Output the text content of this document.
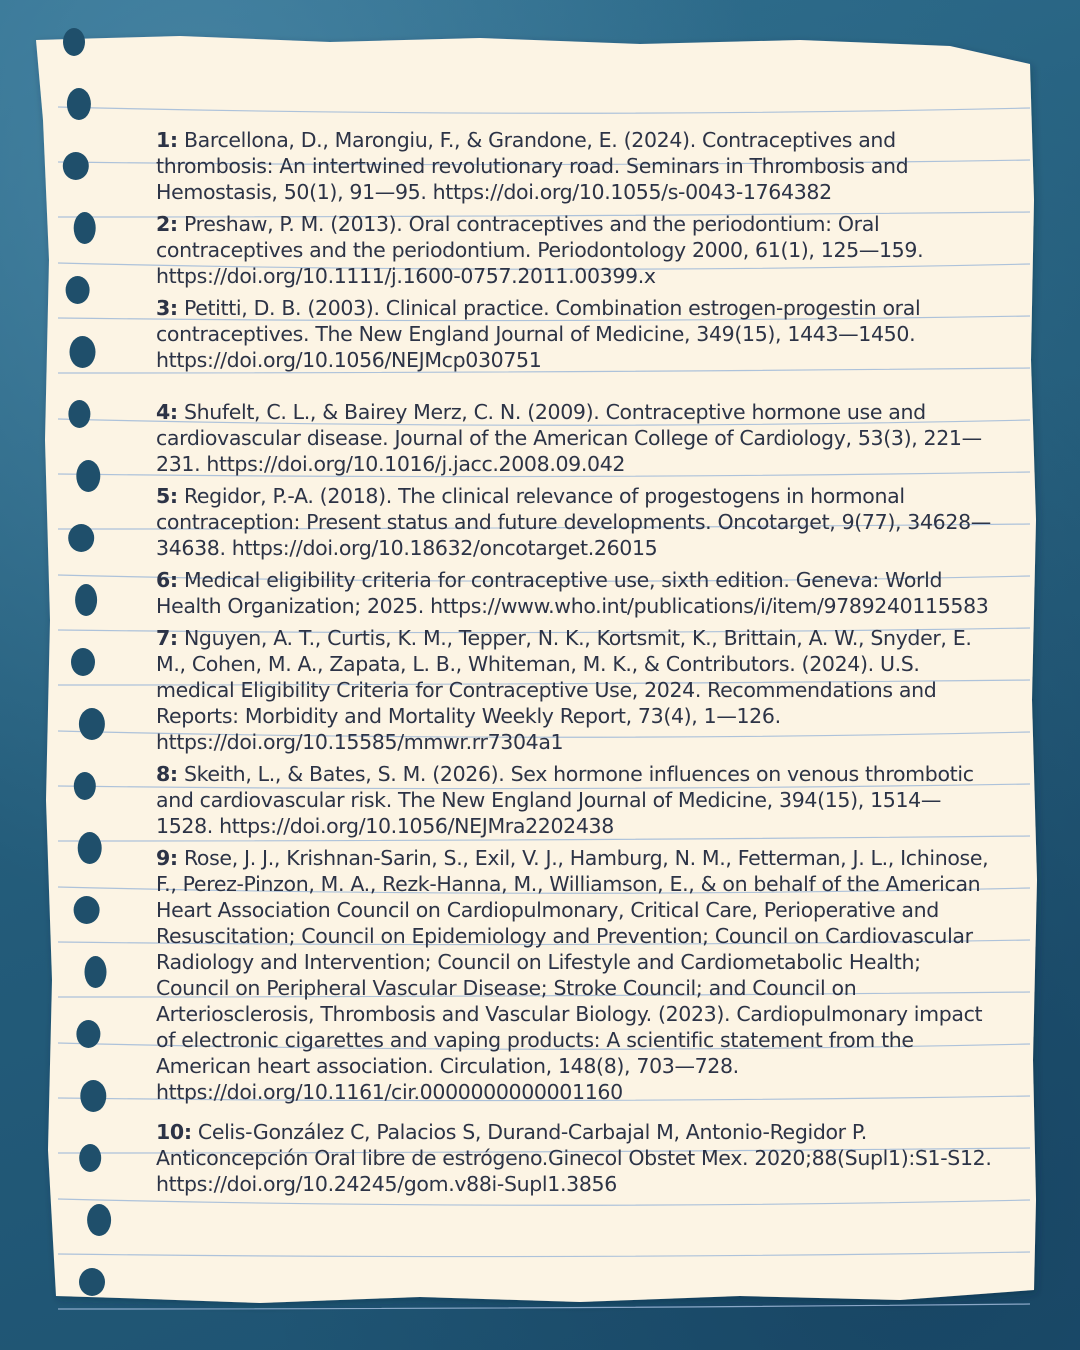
1: Barcellona, D., Marongiu, F., & Grandone, E. (2024). Contraceptives and thrombosis: An intertwined revolutionary road. Seminars in Thrombosis and Hemostasis, 50(1), 91—95. https://doi.org/10.1055/s-0043-1764382
2: Preshaw, P. M. (2013). Oral contraceptives and the periodontium: Oral contraceptives and the periodontium. Periodontology 2000, 61(1), 125—159. https://doi.org/10.1111/j.1600-0757.2011.00399.x
3: Petitti, D. B. (2003). Clinical practice. Combination estrogen-progestin oral contraceptives. The New England Journal of Medicine, 349(15), 1443—1450. https://doi.org/10.1056/NEJMcp030751
4: Shufelt, C. L., & Bairey Merz, C. N. (2009). Contraceptive hormone use and cardiovascular disease. Journal of the American College of Cardiology, 53(3), 221—231. https://doi.org/10.1016/j.jacc.2008.09.042
5: Regidor, P.-A. (2018). The clinical relevance of progestogens in hormonal contraception: Present status and future developments. Oncotarget, 9(77), 34628—34638. https://doi.org/10.18632/oncotarget.26015
6: Medical eligibility criteria for contraceptive use, sixth edition. Geneva: World Health Organization; 2025. https://www.who.int/publications/i/item/9789240115583
7: Nguyen, A. T., Curtis, K. M., Tepper, N. K., Kortsmit, K., Brittain, A. W., Snyder, E. M., Cohen, M. A., Zapata, L. B., Whiteman, M. K., & Contributors. (2024). U.S. medical Eligibility Criteria for Contraceptive Use, 2024. Recommendations and Reports: Morbidity and Mortality Weekly Report, 73(4), 1—126. https://doi.org/10.15585/mmwr.rr7304a1
8: Skeith, L., & Bates, S. M. (2026). Sex hormone influences on venous thrombotic and cardiovascular risk. The New England Journal of Medicine, 394(15), 1514—1528. https://doi.org/10.1056/NEJMra2202438
9: Rose, J. J., Krishnan-Sarin, S., Exil, V. J., Hamburg, N. M., Fetterman, J. L., Ichinose, F., Perez-Pinzon, M. A., Rezk-Hanna, M., Williamson, E., & on behalf of the American Heart Association Council on Cardiopulmonary, Critical Care, Perioperative and Resuscitation; Council on Epidemiology and Prevention; Council on Cardiovascular Radiology and Intervention; Council on Lifestyle and Cardiometabolic Health; Council on Peripheral Vascular Disease; Stroke Council; and Council on Arteriosclerosis, Thrombosis and Vascular Biology. (2023). Cardiopulmonary impact of electronic cigarettes and vaping products: A scientific statement from the American heart association. Circulation, 148(8), 703—728. https://doi.org/10.1161/cir.0000000000001160
10: Celis-González C, Palacios S, Durand-Carbajal M, Antonio-Regidor P. Anticoncepción Oral libre de estrógeno.Ginecol Obstet Mex. 2020;88(Supl1):S1-S12. https://doi.org/10.24245/gom.v88i-Supl1.3856
